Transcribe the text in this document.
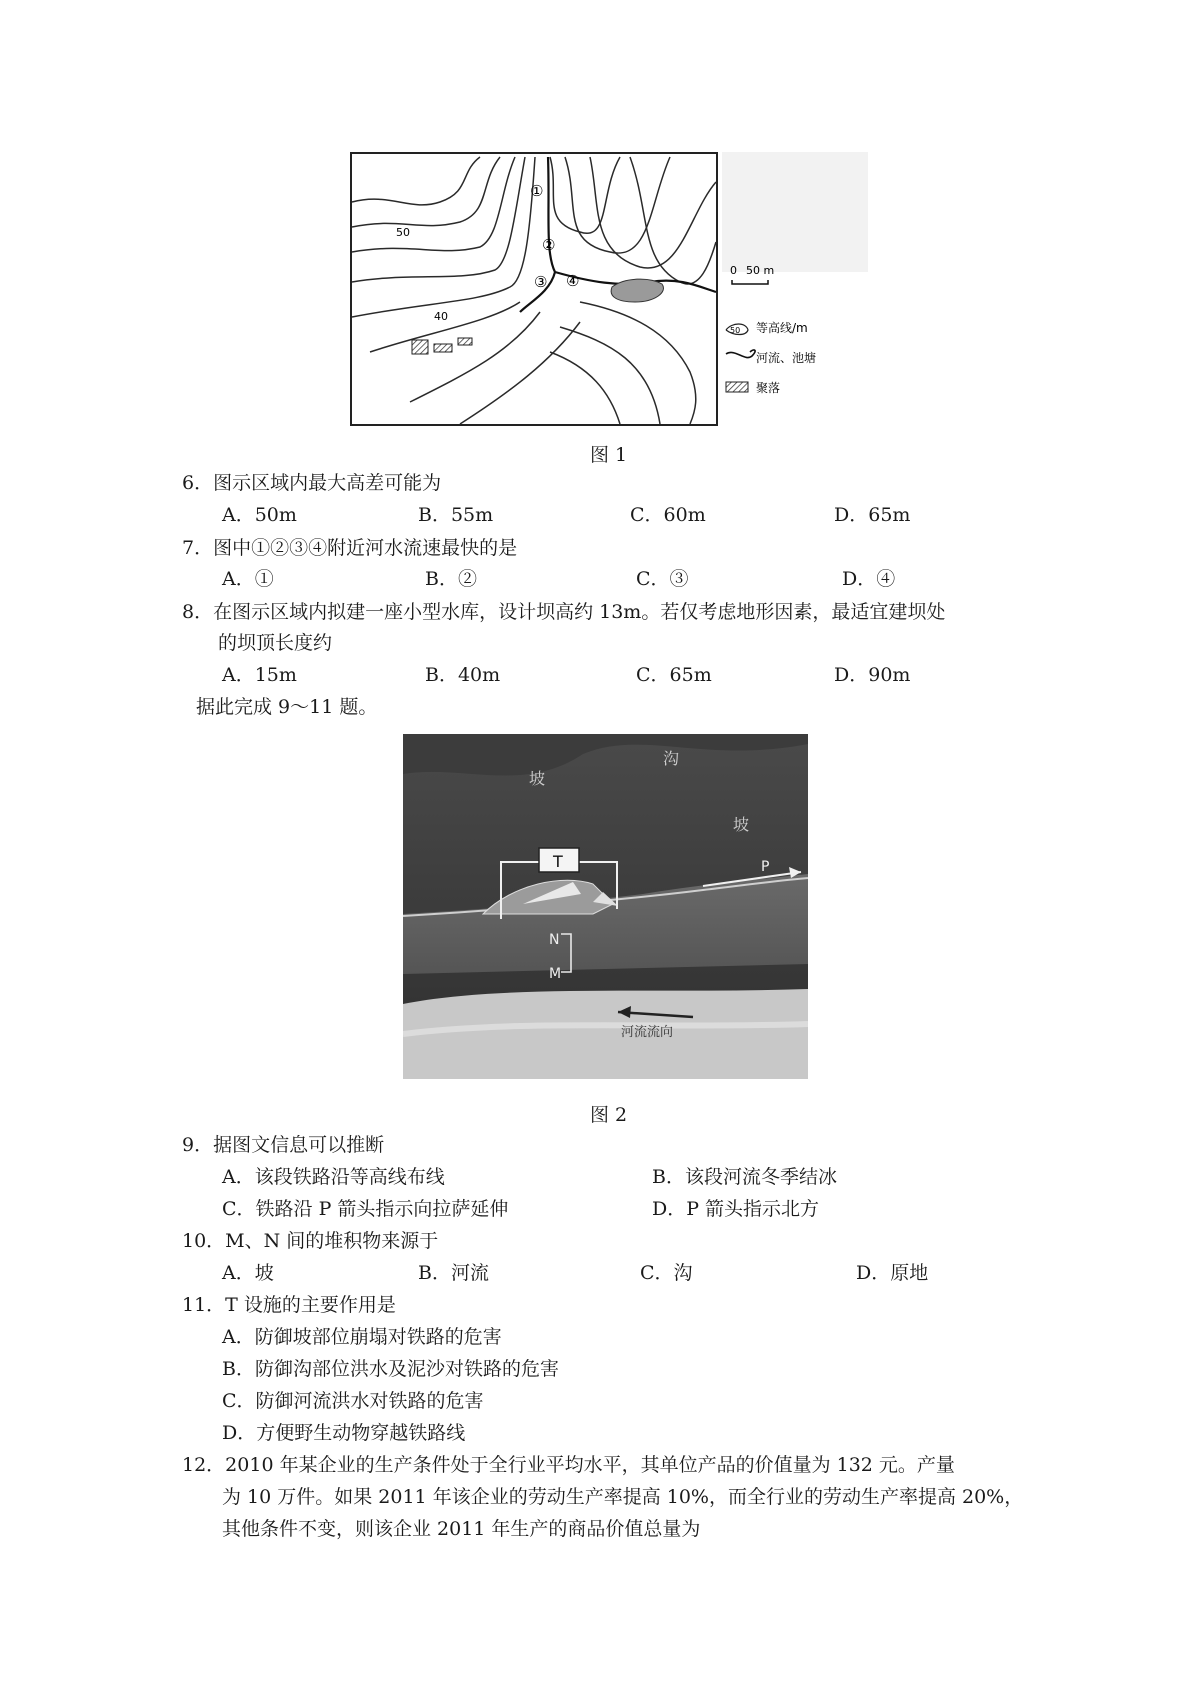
50
40
①
②
③ ④
0 50 m
50 等高线/m
河流、池塘
聚落
图 1
6．图示区域内最大高差可能为
A．50m	B．55m	C．60m	D．65m
7．图中①②③④附近河水流速最快的是
A．①	B．②	C．③	D．④
8．在图示区域内拟建一座小型水库，设计坝高约 13m。若仅考虑地形因素，最适宜建坝处
的坝顶长度约
A．15m	B．40m	C．65m	D．90m
据此完成 9～11 题。
T
N
M
河流流向
P
坡
沟
坡
图 2
9．据图文信息可以推断
A．该段铁路沿等高线布线	B．该段河流冬季结冰
C．铁路沿 P 箭头指示向拉萨延伸	D．P 箭头指示北方
10．M、N 间的堆积物来源于
A．坡	B．河流	C．沟	D．原地
11．T 设施的主要作用是
A．防御坡部位崩塌对铁路的危害
B．防御沟部位洪水及泥沙对铁路的危害
C．防御河流洪水对铁路的危害
D．方便野生动物穿越铁路线
12．2010 年某企业的生产条件处于全行业平均水平，其单位产品的价值量为 132 元。产量
为 10 万件。如果 2011 年该企业的劳动生产率提高 10%，而全行业的劳动生产率提高 20%，
其他条件不变，则该企业 2011 年生产的商品价值总量为
